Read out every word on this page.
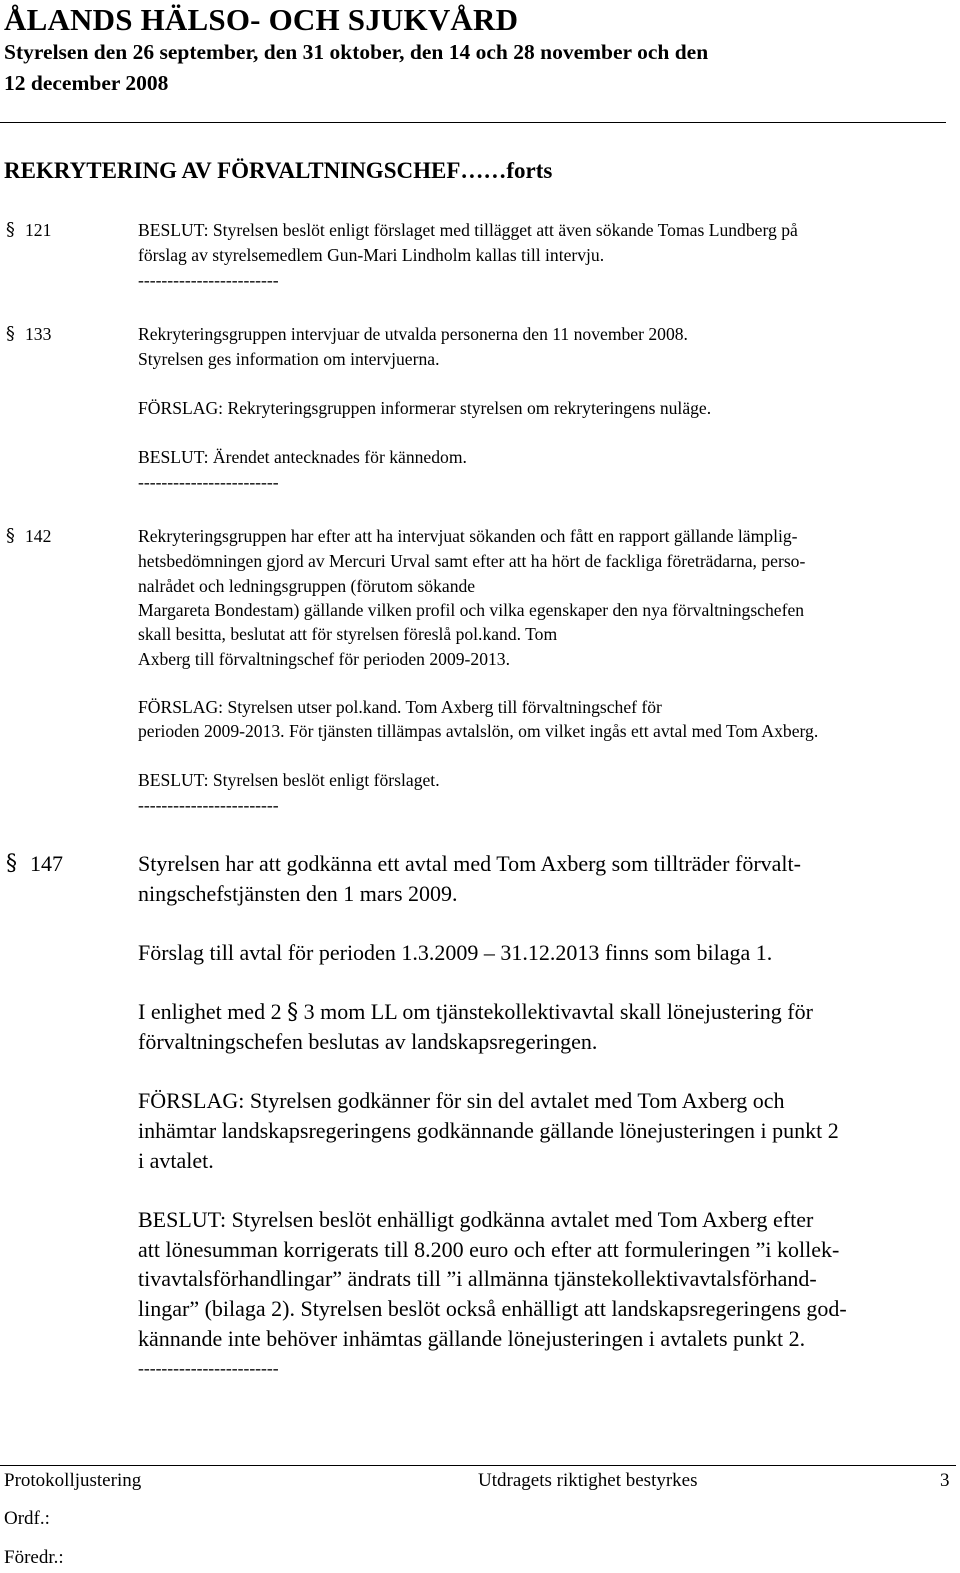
ÅLANDS HÄLSO- OCH SJUKVÅRD
Styrelsen den 26 september, den 31 oktober, den 14 och 28 november och den
12 december 2008
REKRYTERING AV FÖRVALTNINGSCHEF……forts
§ 121	BESLUT: Styrelsen beslöt enligt förslaget med tillägget att även sökande Tomas Lundberg på
förslag av styrelsemedlem Gun-Mari Lindholm kallas till intervju.
------------------------
§ 133	Rekryteringsgruppen intervjuar de utvalda personerna den 11 november 2008.
Styrelsen ges information om intervjuerna.
FÖRSLAG: Rekryteringsgruppen informerar styrelsen om rekryteringens nuläge.
BESLUT: Ärendet antecknades för kännedom.
------------------------
§ 142	Rekryteringsgruppen har efter att ha intervjuat sökanden och fått en rapport gällande lämplig-
hetsbedömningen gjord av Mercuri Urval samt efter att ha hört de fackliga företrädarna, perso-
nalrådet och ledningsgruppen (förutom sökande
Margareta Bondestam) gällande vilken profil och vilka egenskaper den nya förvaltningschefen
skall besitta, beslutat att för styrelsen föreslå pol.kand. Tom
Axberg till förvaltningschef för perioden 2009-2013.
FÖRSLAG: Styrelsen utser pol.kand. Tom Axberg till förvaltningschef för
perioden 2009-2013. För tjänsten tillämpas avtalslön, om vilket ingås ett avtal med Tom Axberg.
BESLUT: Styrelsen beslöt enligt förslaget.
------------------------
§ 147	Styrelsen har att godkänna ett avtal med Tom Axberg som tillträder förvalt-
ningschefstjänsten den 1 mars 2009.
Förslag till avtal för perioden 1.3.2009 – 31.12.2013 finns som bilaga 1.
I enlighet med 2 § 3 mom LL om tjänstekollektivavtal skall lönejustering för
förvaltningschefen beslutas av landskapsregeringen.
FÖRSLAG: Styrelsen godkänner för sin del avtalet med Tom Axberg och
inhämtar landskapsregeringens godkännande gällande lönejusteringen i punkt 2
i avtalet.
BESLUT: Styrelsen beslöt enhälligt godkänna avtalet med Tom Axberg efter
att lönesumman korrigerats till 8.200 euro och efter att formuleringen ”i kollek-
tivavtalsförhandlingar” ändrats till ”i allmänna tjänstekollektivavtalsförhand-
lingar” (bilaga 2). Styrelsen beslöt också enhälligt att landskapsregeringens god-
kännande inte behöver inhämtas gällande lönejusteringen i avtalets punkt 2.
------------------------
Protokolljustering	Utdragets riktighet bestyrkes	3
Ordf.:
Föredr.:
